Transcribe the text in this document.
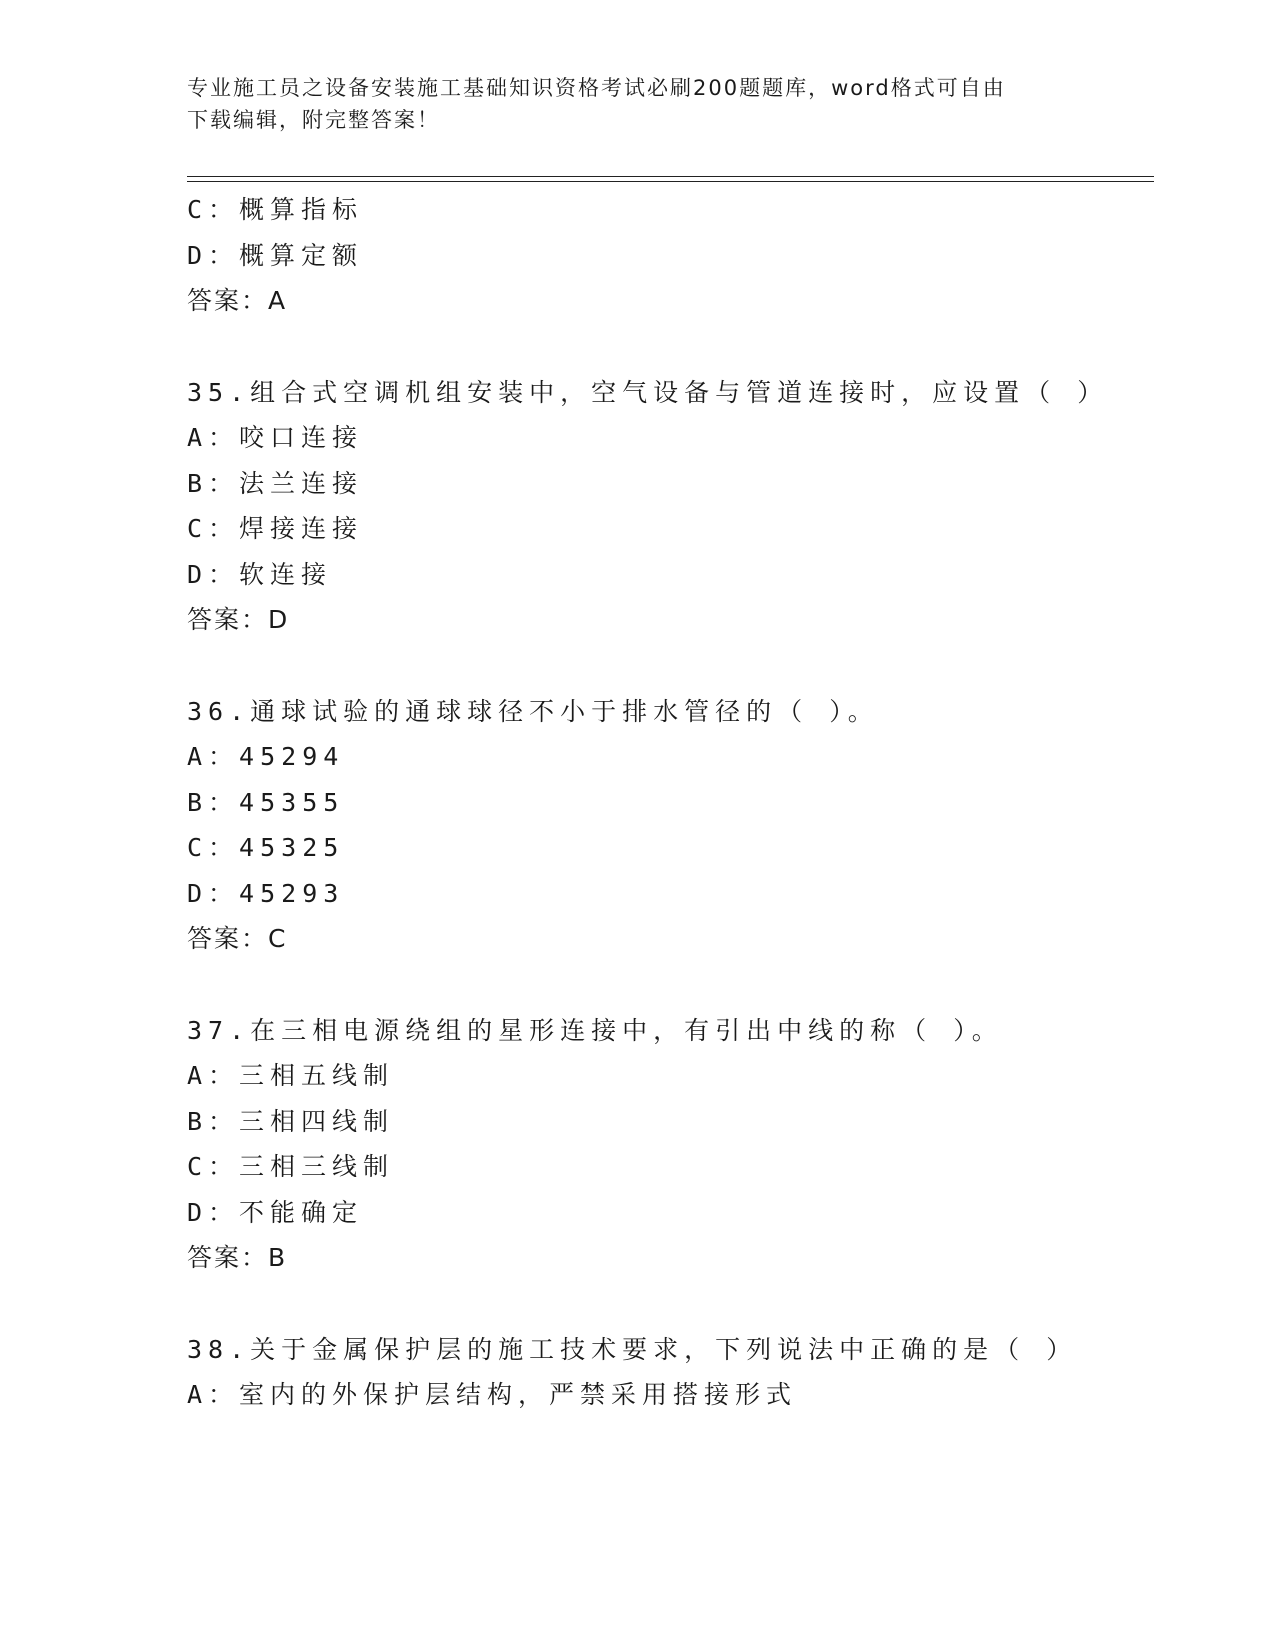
专业施工员之设备安装施工基础知识资格考试必刷200题题库，word格式可自由
下载编辑，附完整答案！
C：概算指标
D：概算定额
答案：A
35.组合式空调机组安装中，空气设备与管道连接时，应设置（ ）
A：咬口连接
B：法兰连接
C：焊接连接
D：软连接
答案：D
36.通球试验的通球球径不小于排水管径的（ ）。
A：45294
B：45355
C：45325
D：45293
答案：C
37.在三相电源绕组的星形连接中，有引出中线的称（ ）。
A：三相五线制
B：三相四线制
C：三相三线制
D：不能确定
答案：B
38.关于金属保护层的施工技术要求，下列说法中正确的是（ ）
A：室内的外保护层结构，严禁采用搭接形式
